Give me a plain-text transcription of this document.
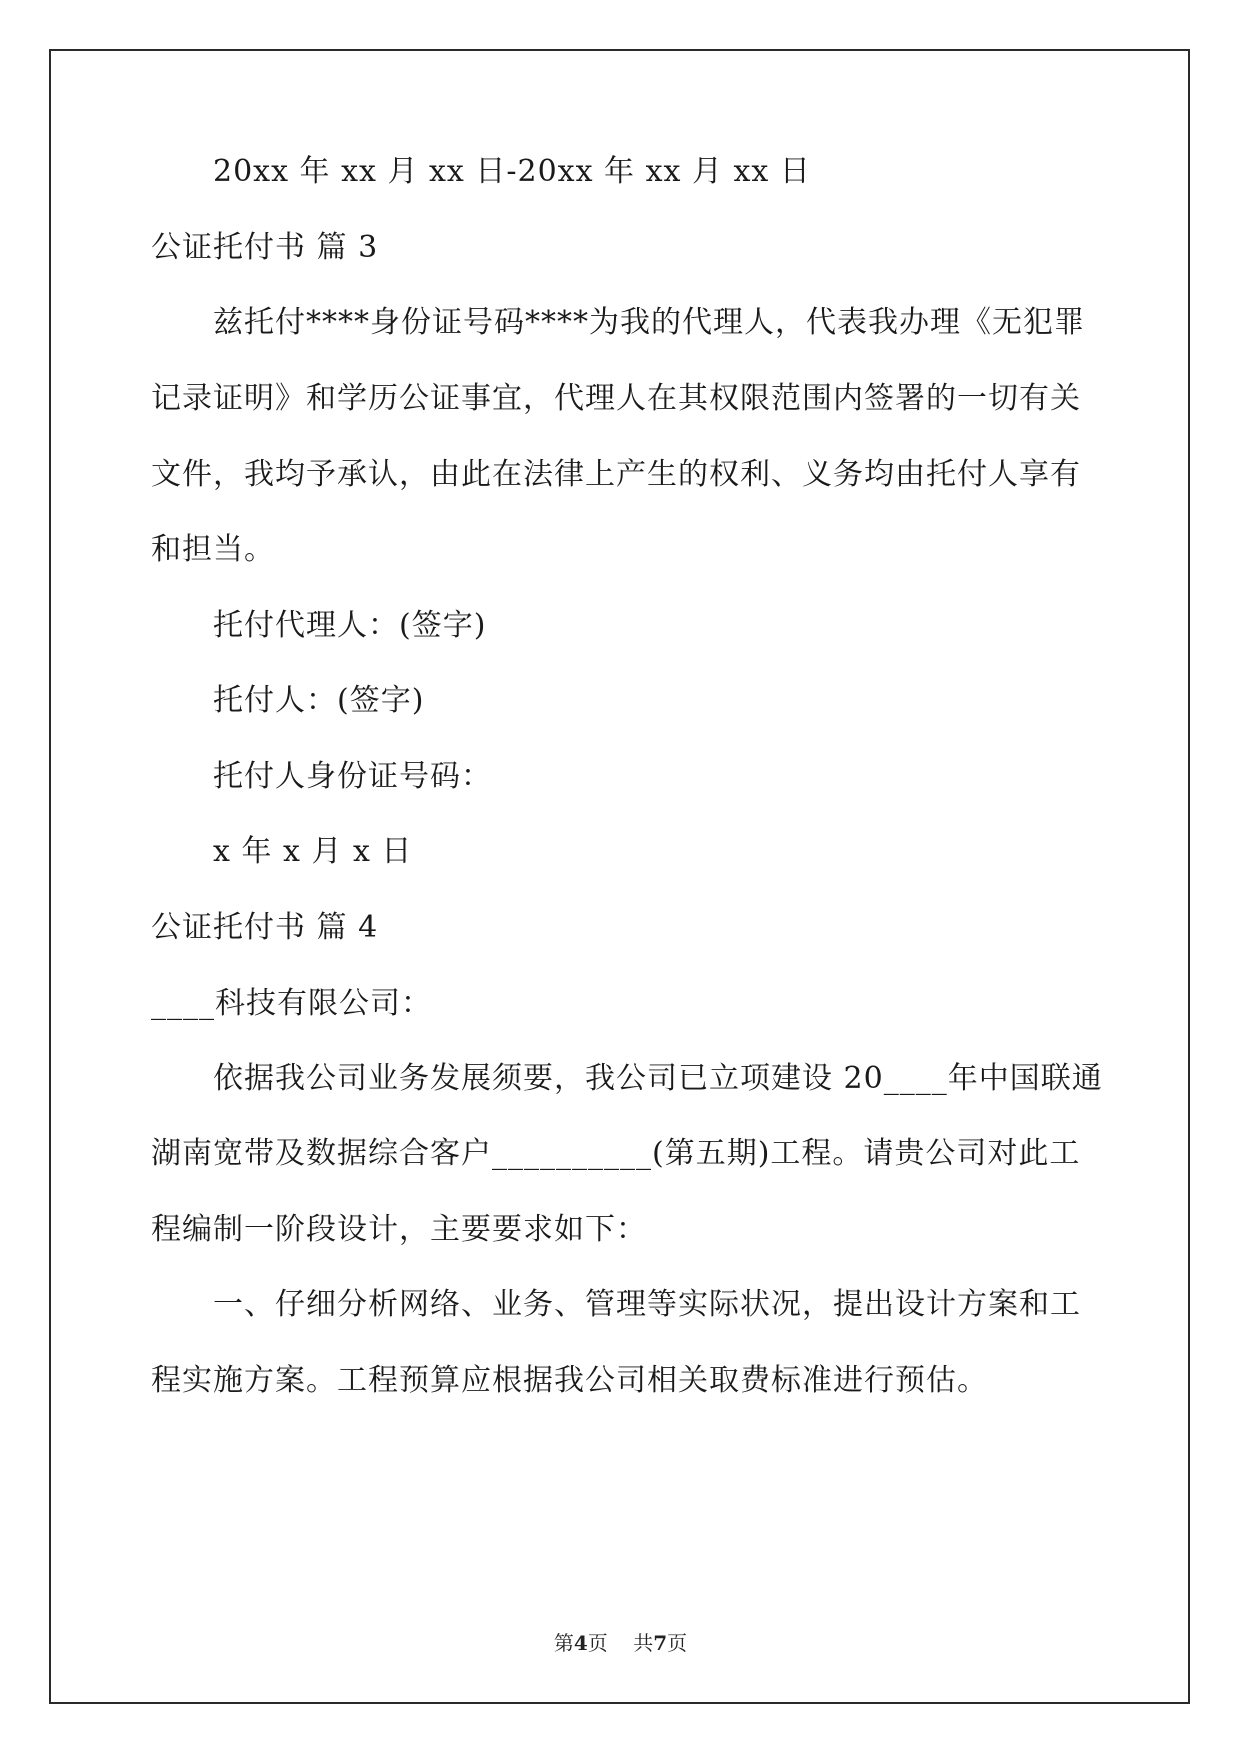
20xx 年 xx 月 xx 日-20xx 年 xx 月 xx 日
公证托付书 篇 3
兹托付****身份证号码****为我的代理人，代表我办理《无犯罪
记录证明》和学历公证事宜，代理人在其权限范围内签署的一切有关
文件，我均予承认，由此在法律上产生的权利、义务均由托付人享有
和担当。
托付代理人：(签字)
托付人：(签字)
托付人身份证号码：
x 年 x 月 x 日
公证托付书 篇 4
____科技有限公司：
依据我公司业务发展须要，我公司已立项建设 20____年中国联通
湖南宽带及数据综合客户__________(第五期)工程。请贵公司对此工
程编制一阶段设计，主要要求如下：
一、仔细分析网络、业务、管理等实际状况，提出设计方案和工
程实施方案。工程预算应根据我公司相关取费标准进行预估。
第4页 共7页
